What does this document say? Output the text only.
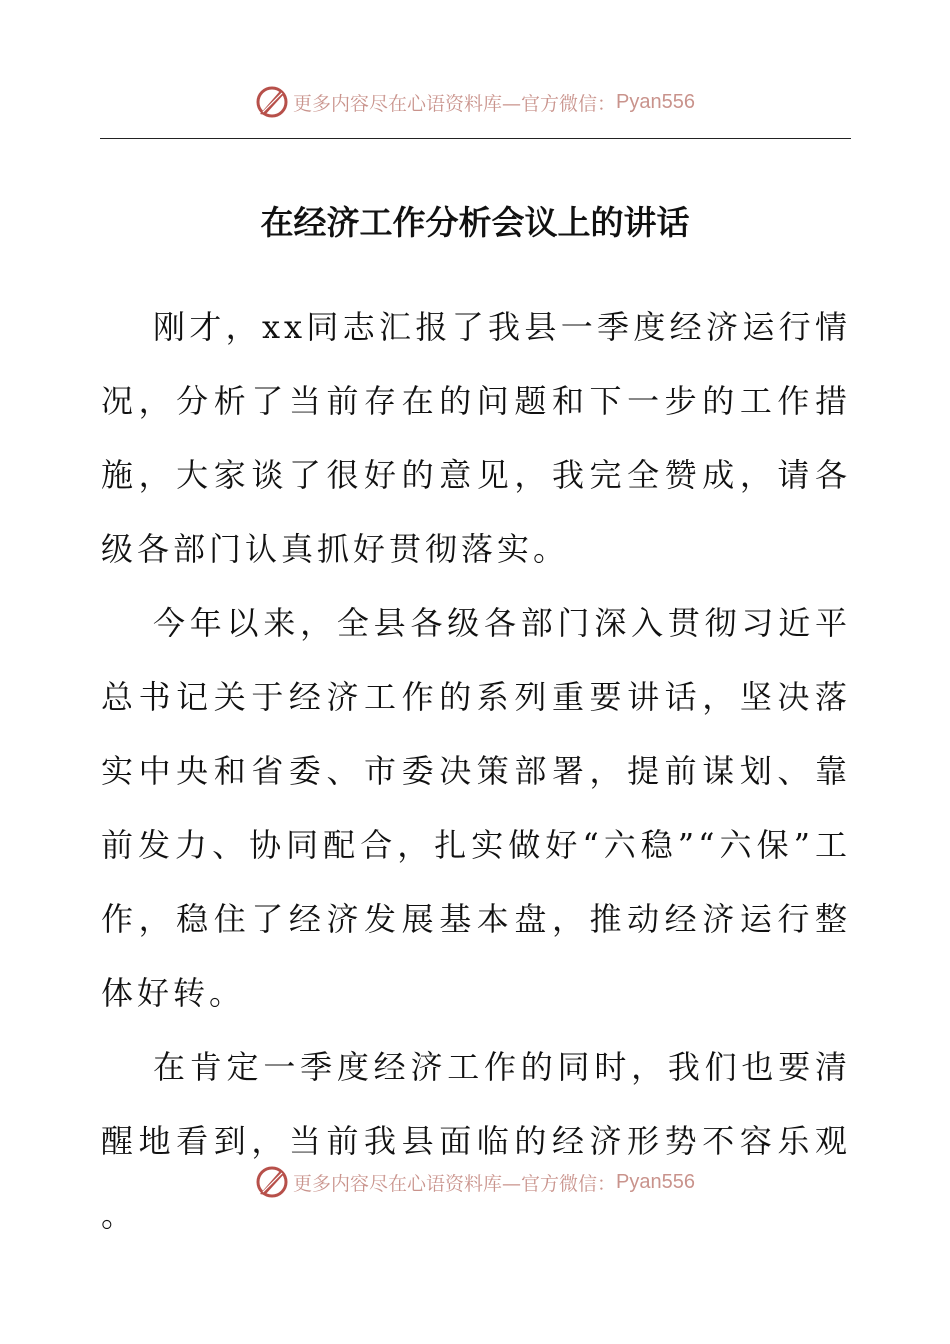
更多内容尽在心语资料库—官方微信： Pyan556
在经济工作分析会议上的讲话

刚才，xx同志汇报了我县一季度经济运行情况，分析了当前存在的问题和下一步的工作措施，大家谈了很好的意见，我完全赞成，请各级各部门认真抓好贯彻落实。

今年以来，全县各级各部门深入贯彻习近平总书记关于经济工作的系列重要讲话，坚决落实中央和省委、市委决策部署，提前谋划、靠前发力、协同配合，扎实做好“六稳”“六保”工作，稳住了经济发展基本盘，推动经济运行整体好转。

在肯定一季度经济工作的同时，我们也要清醒地看到，当前我县面临的经济形势不容乐观。

更多内容尽在心语资料库—官方微信： Pyan556
